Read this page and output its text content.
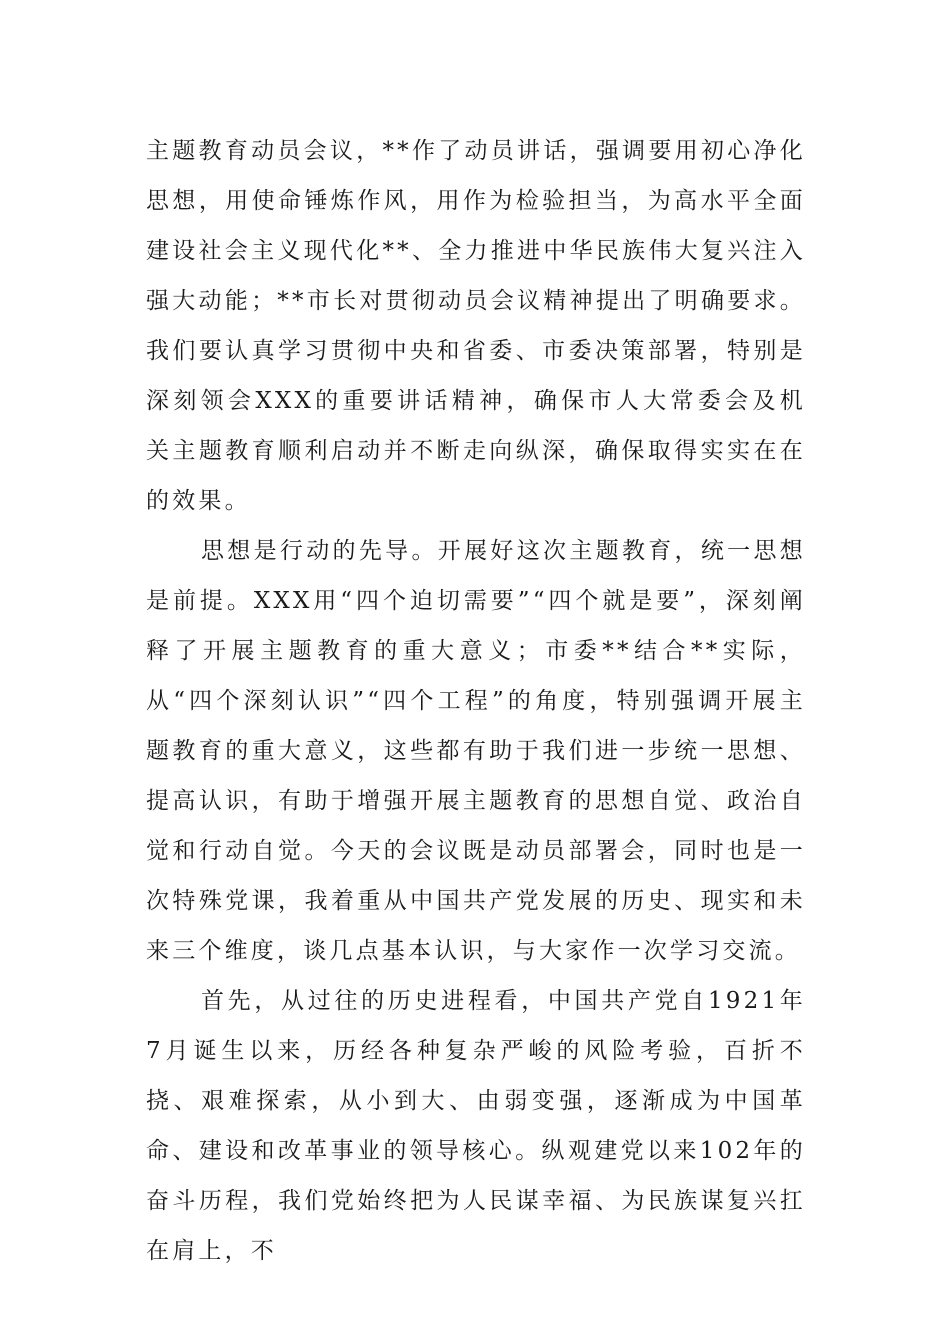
主题教育动员会议，**作了动员讲话，强调要用初心净化思想，用使命锤炼作风，用作为检验担当，为高水平全面建设社会主义现代化**、全力推进中华民族伟大复兴注入强大动能；**市长对贯彻动员会议精神提出了明确要求。我们要认真学习贯彻中央和省委、市委决策部署，特别是深刻领会XXX的重要讲话精神，确保市人大常委会及机关主题教育顺利启动并不断走向纵深，确保取得实实在在的效果。

思想是行动的先导。开展好这次主题教育，统一思想是前提。XXX用“四个迫切需要”“四个就是要”，深刻阐释了开展主题教育的重大意义；市委**结合**实际，从“四个深刻认识”“四个工程”的角度，特别强调开展主题教育的重大意义，这些都有助于我们进一步统一思想、提高认识，有助于增强开展主题教育的思想自觉、政治自觉和行动自觉。今天的会议既是动员部署会，同时也是一次特殊党课，我着重从中国共产党发展的历史、现实和未来三个维度，谈几点基本认识，与大家作一次学习交流。

首先，从过往的历史进程看，中国共产党自1921年7月诞生以来，历经各种复杂严峻的风险考验，百折不挠、艰难探索，从小到大、由弱变强，逐渐成为中国革命、建设和改革事业的领导核心。纵观建党以来102年的奋斗历程，我们党始终把为人民谋幸福、为民族谋复兴扛在肩上，不
